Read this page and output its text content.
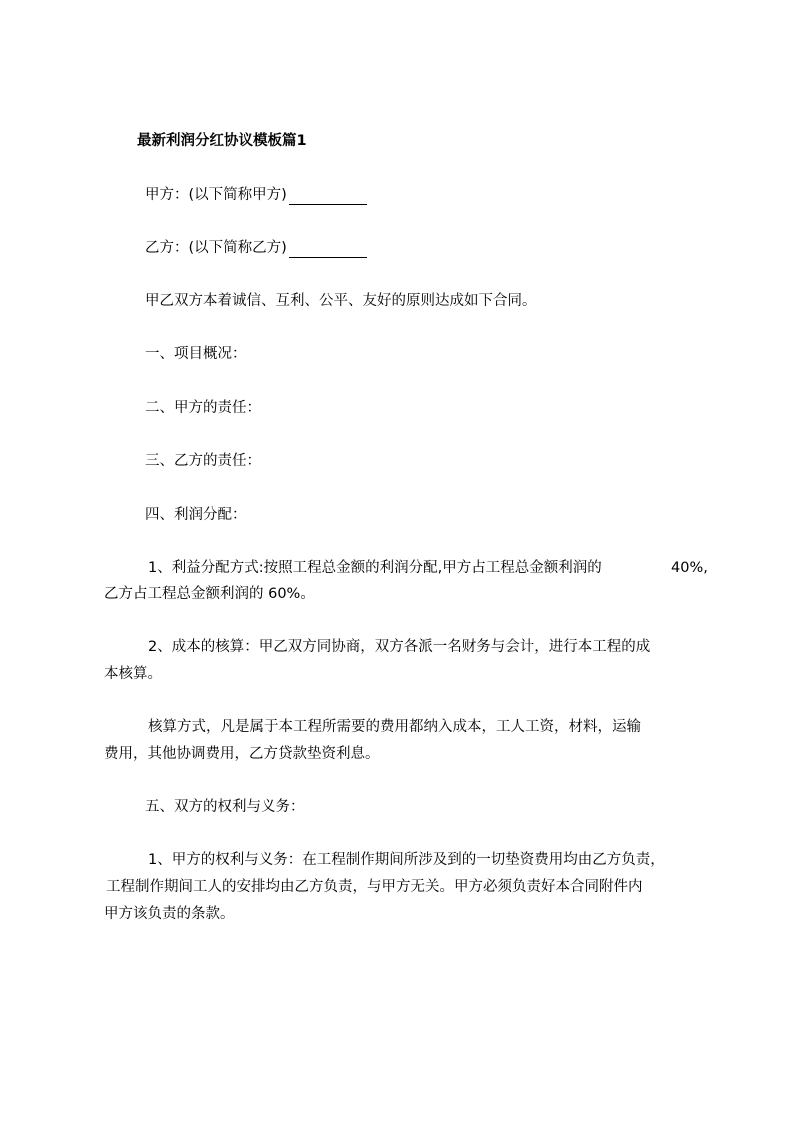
最新利润分红协议模板篇1
甲方：(以下简称甲方)
乙方：(以下简称乙方)
甲乙双方本着诚信、互利、公平、友好的原则达成如下合同。
一、项目概况：
二、甲方的责任：
三、乙方的责任：
四、利润分配：
1、利益分配方式:按照工程总金额的利润分配,甲方占工程总金额利润的	40%,
乙方占工程总金额利润的 60%。
2、成本的核算：甲乙双方同协商，双方各派一名财务与会计，进行本工程的成
本核算。
核算方式，凡是属于本工程所需要的费用都纳入成本，工人工资，材料，运输
费用，其他协调费用，乙方贷款垫资利息。
五、双方的权利与义务：
1、甲方的权利与义务：在工程制作期间所涉及到的一切垫资费用均由乙方负责，
工程制作期间工人的安排均由乙方负责，与甲方无关。甲方必须负责好本合同附件内
甲方该负责的条款。
